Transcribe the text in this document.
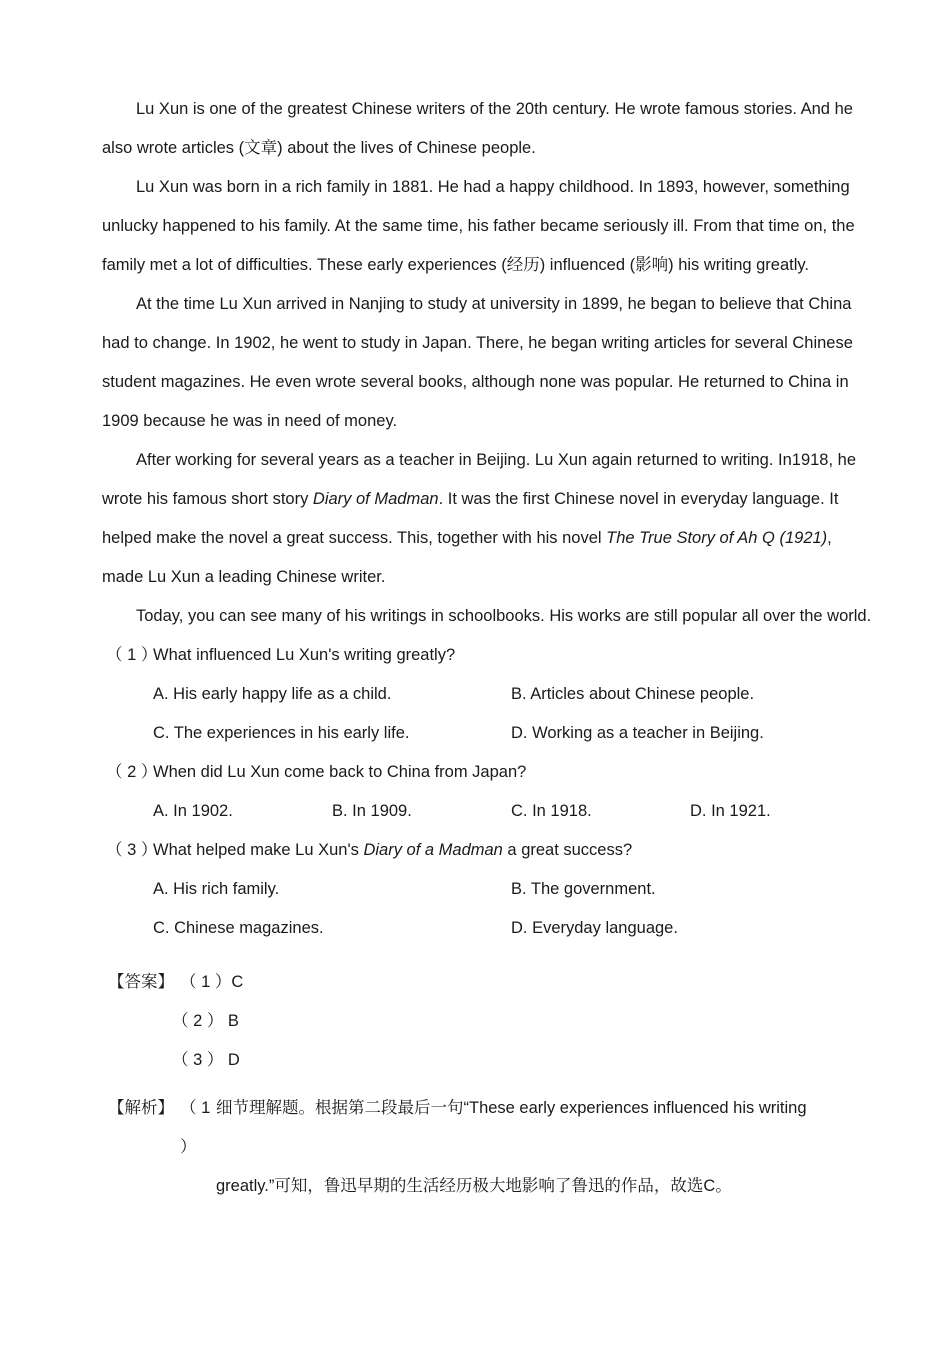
Lu Xun is one of the greatest Chinese writers of the 20th century. He wrote famous stories. And he also wrote articles (文章) about the lives of Chinese people.

Lu Xun was born in a rich family in 1881. He had a happy childhood. In 1893, however, something unlucky happened to his family. At the same time, his father became seriously ill. From that time on, the family met a lot of difficulties. These early experiences (经历) influenced (影响) his writing greatly.

At the time Lu Xun arrived in Nanjing to study at university in 1899, he began to believe that China had to change. In 1902, he went to study in Japan. There, he began writing articles for several Chinese student magazines. He even wrote several books, although none was popular. He returned to China in 1909 because he was in need of money.

After working for several years as a teacher in Beijing. Lu Xun again returned to writing. In1918, he wrote his famous short story Diary of Madman. It was the first Chinese novel in everyday language. It helped make the novel a great success. This, together with his novel The True Story of Ah Q (1921), made Lu Xun a leading Chinese writer.

Today, you can see many of his writings in schoolbooks. His works are still popular all over the world.

（ 1 ）
What influenced Lu Xun's writing greatly?
A. His early happy life as a child.	B. Articles about Chinese people.
C. The experiences in his early life.	D. Working as a teacher in Beijing.
（ 2 ）
When did Lu Xun come back to China from Japan?
A. In 1902.	B. In 1909.	C. In 1918.	D. In 1921.
（ 3 ）
What helped make Lu Xun's Diary of a Madman a great success?
A. His rich family.	B. The government.
C. Chinese magazines.	D. Everyday language.
【答案】 （ 1 ）C
（ 2 ） B
（ 3 ） D
【解析】 （ 1 ）
细节理解题。根据第二段最后一句“These early experiences influenced his writing
greatly.”可知，鲁迅早期的生活经历极大地影响了鲁迅的作品，故选C。
